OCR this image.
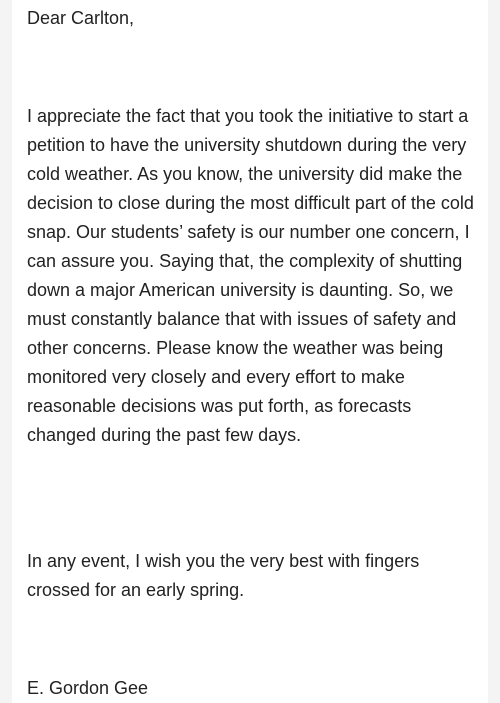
Dear Carlton,
I appreciate the fact that you took the initiative to start a petition to have the university shutdown during the very cold weather. As you know, the university did make the decision to close during the most difficult part of the cold snap. Our students’ safety is our number one concern, I can assure you. Saying that, the complexity of shutting down a major American university is daunting. So, we must constantly balance that with issues of safety and other concerns. Please know the weather was being monitored very closely and every effort to make reasonable decisions was put forth, as forecasts changed during the past few days.
In any event, I wish you the very best with fingers crossed for an early spring.
E. Gordon Gee
